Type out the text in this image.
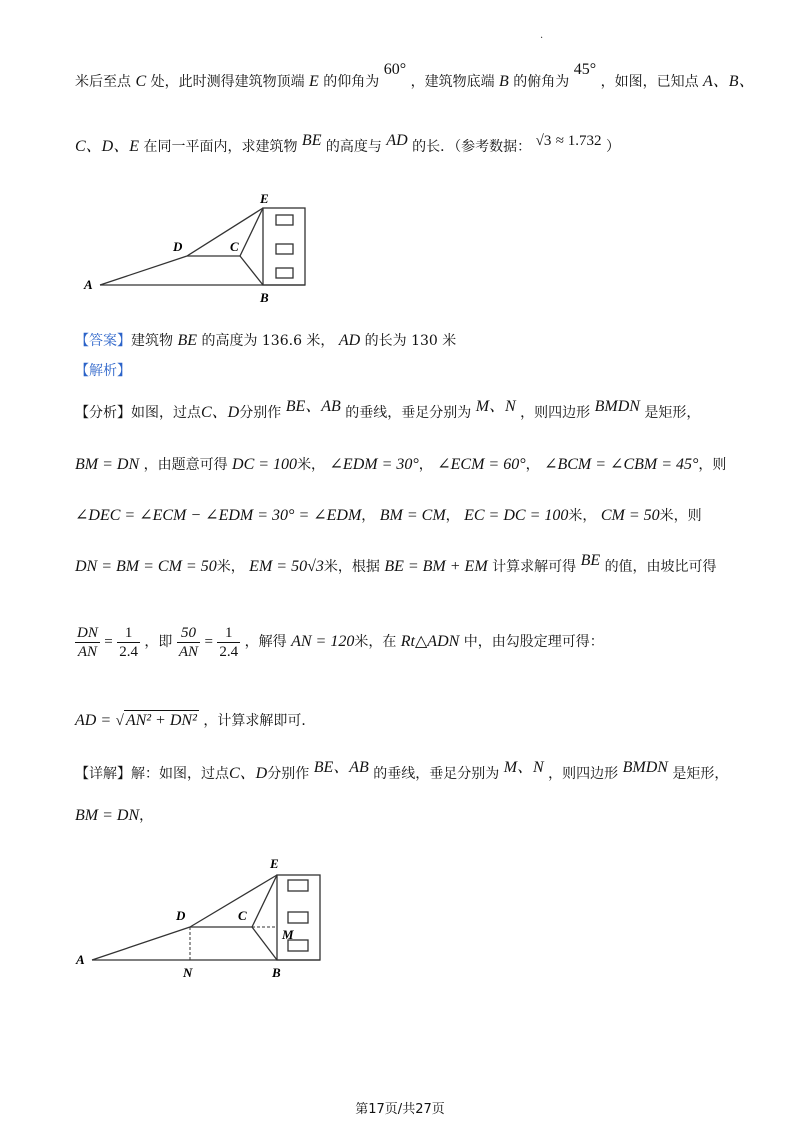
.
米后至点 C 处，此时测得建筑物顶端 E 的仰角为 60° ，建筑物底端 B 的俯角为 45° ，如图，已知点 A、B、
C、D、E 在同一平面内，求建筑物 BE 的高度与 AD 的长．（参考数据： √3 ≈ 1.732 ）
E
D	C
A
B
【答案】建筑物 BE 的高度为 136.6 米， AD 的长为 130 米
【解析】
【分析】如图，过点C、D分别作 BE、AB 的垂线，垂足分别为 M、N ，则四边形 BMDN 是矩形，
BM = DN ，由题意可得 DC = 100米， ∠EDM = 30°， ∠ECM = 60°， ∠BCM = ∠CBM = 45°，则
∠DEC = ∠ECM − ∠EDM = 30° = ∠EDM， BM = CM， EC = DC = 100米， CM = 50米，则
DN = BM = CM = 50米， EM = 50√3米，根据 BE = BM + EM 计算求解可得 BE 的值，由坡比可得
$\frac{DN}{AN} = \frac{1}{2.4}$ ，即 $\frac{50}{AN} = \frac{1}{2.4}$ ，解得 AN = 120米，在 Rt△ADN 中，由勾股定理可得：
AD = √ AN² + DN² ，计算求解即可．
【详解】解：如图，过点C、D分别作 BE、AB 的垂线，垂足分别为 M、N ，则四边形 BMDN 是矩形，
BM = DN，
E
D	C
M
A
N	B
第17页/共27页
